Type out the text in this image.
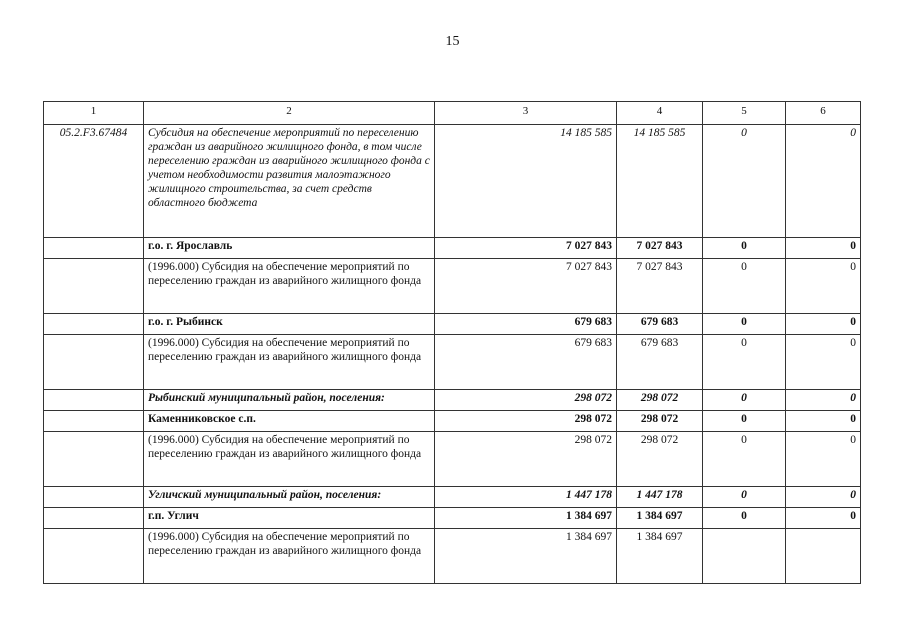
15
1	2	3	4	5	6
05.2.F3.67484	Субсидия на обеспечение мероприятий по переселению граждан из аварийного жилищного фонда, в том числе переселению граждан из аварийного жилищного фонда с учетом необходимости развития малоэтажного жилищного строительства, за счет средств областного бюджета	14 185 585	14 185 585	0	0
	г.о. г. Ярославль	7 027 843	7 027 843	0	0
	(1996.000) Субсидия на обеспечение мероприятий по переселению граждан из аварийного жилищного фонда	7 027 843	7 027 843	0	0
	г.о. г. Рыбинск	679 683	679 683	0	0
	(1996.000) Субсидия на обеспечение мероприятий по переселению граждан из аварийного жилищного фонда	679 683	679 683	0	0
	Рыбинский муниципальный район, поселения:	298 072	298 072	0	0
	Каменниковское с.п.	298 072	298 072	0	0
	(1996.000) Субсидия на обеспечение мероприятий по переселению граждан из аварийного жилищного фонда	298 072	298 072	0	0
	Угличский муниципальный район, поселения:	1 447 178	1 447 178	0	0
	г.п. Углич	1 384 697	1 384 697	0	0
	(1996.000) Субсидия на обеспечение мероприятий по переселению граждан из аварийного жилищного фонда	1 384 697	1 384 697		
